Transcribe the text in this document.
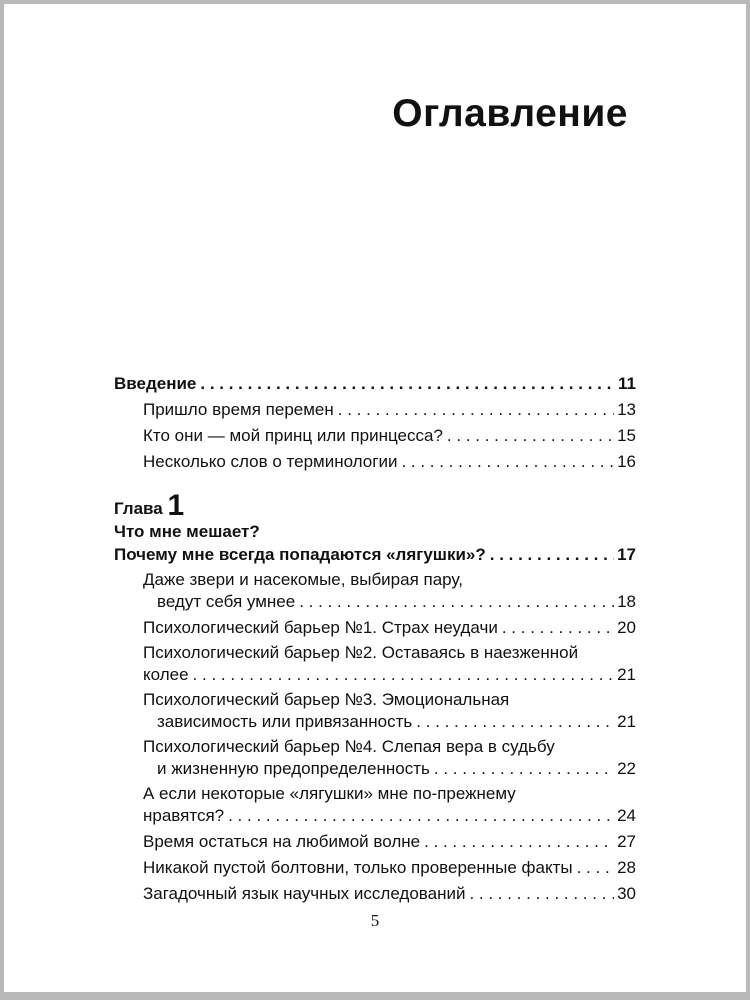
Оглавление
Введение . . .	11
Пришло время перемен . . .	13
Кто они — мой принц или принцесса? . . .	15
Несколько слов о терминологии . . .	16
Глава 1
Что мне мешает?
Почему мне всегда попадаются «лягушки»? . . .	17
Даже звери и насекомые, выбирая пару,
ведут себя умнее . . .	18
Психологический барьер №1. Страх неудачи . . .	20
Психологический барьер №2. Оставаясь в наезженной
колее . . .	21
Психологический барьер №3. Эмоциональная
зависимость или привязанность . . .	21
Психологический барьер №4. Слепая вера в судьбу
и жизненную предопределенность . . .	22
А если некоторые «лягушки» мне по-прежнему
нравятся? . . .	24
Время остаться на любимой волне . . .	27
Никакой пустой болтовни, только проверенные факты . . .	28
Загадочный язык научных исследований . . .	30
5
